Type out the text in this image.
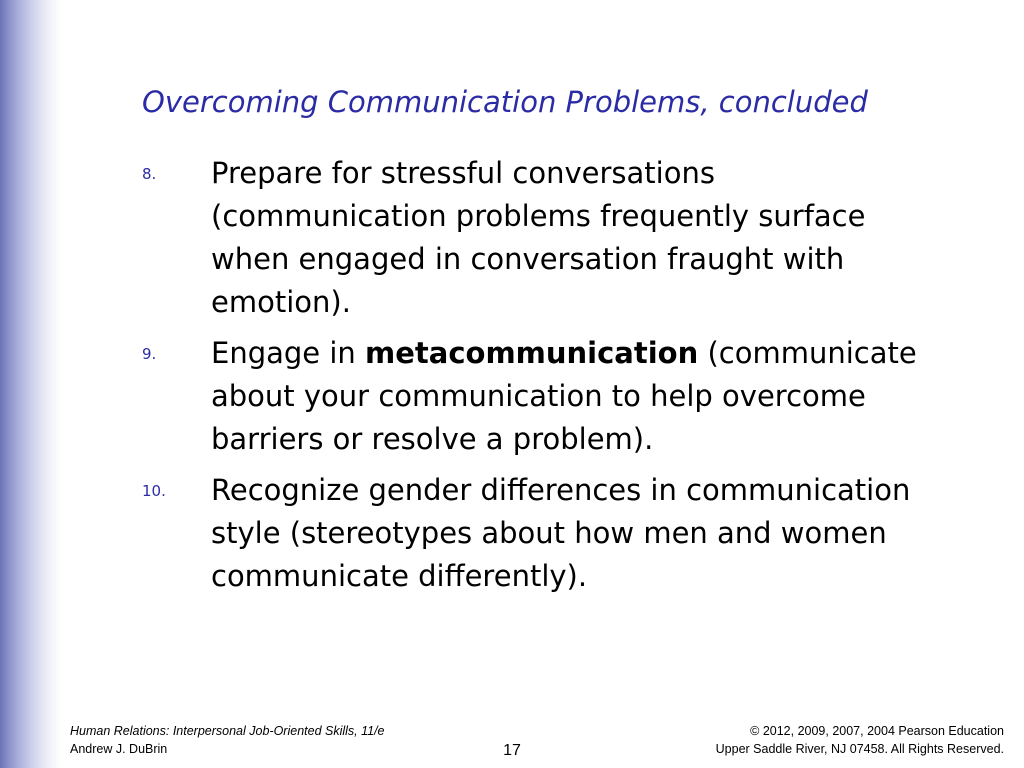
Overcoming Communication Problems, concluded
8. Prepare for stressful conversations (communication problems frequently surface when engaged in conversation fraught with emotion).
9. Engage in metacommunication (communicate about your communication to help overcome barriers or resolve a problem).
10. Recognize gender differences in communication style (stereotypes about how men and women communicate differently).
Human Relations: Interpersonal Job-Oriented Skills, 11/e
Andrew J. DuBrin	17
© 2012, 2009, 2007, 2004 Pearson Education
Upper Saddle River, NJ 07458. All Rights Reserved.
